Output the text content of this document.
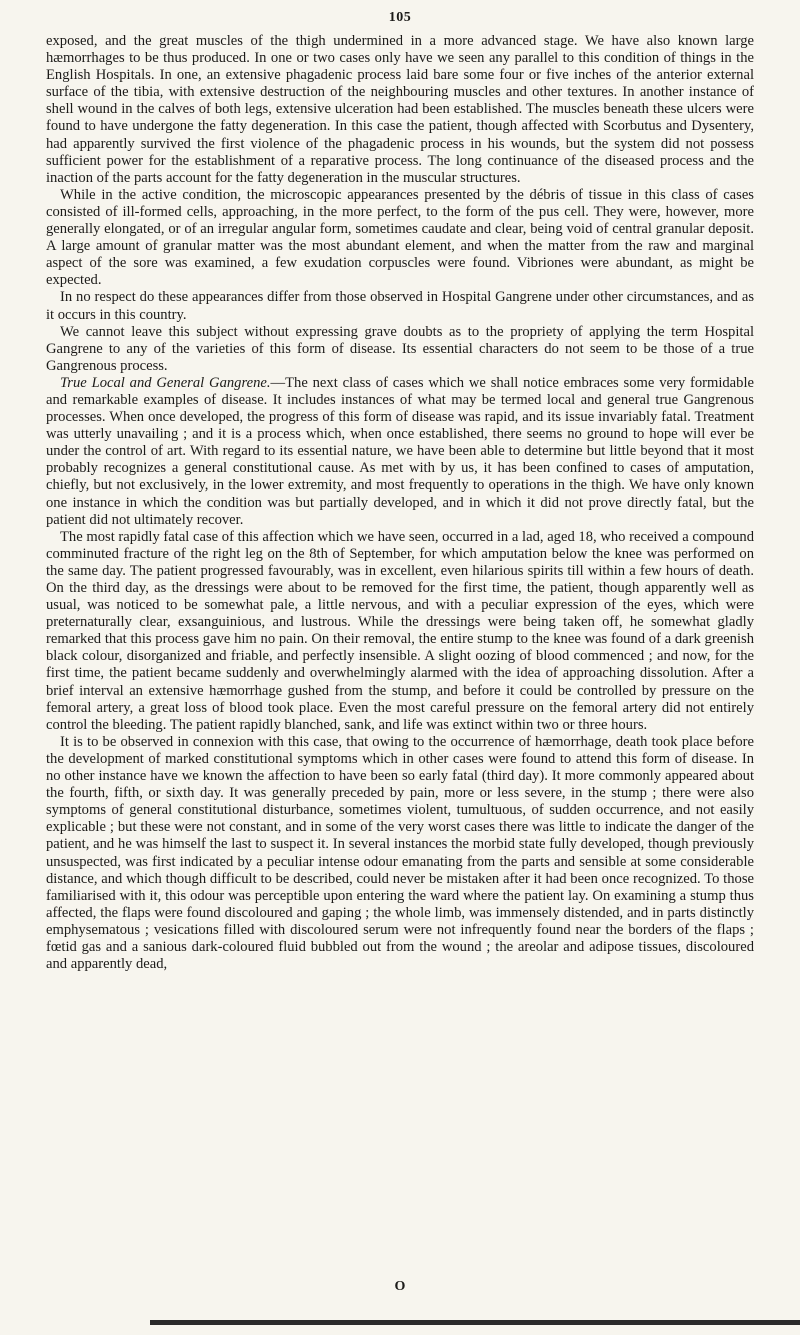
105

exposed, and the great muscles of the thigh undermined in a more advanced stage. We have also known large hæmorrhages to be thus produced. In one or two cases only have we seen any parallel to this condition of things in the English Hospitals. In one, an extensive phagadenic process laid bare some four or five inches of the anterior external surface of the tibia, with extensive destruction of the neighbouring muscles and other textures. In another instance of shell wound in the calves of both legs, extensive ulceration had been established. The muscles beneath these ulcers were found to have undergone the fatty degeneration. In this case the patient, though affected with Scorbutus and Dysentery, had apparently survived the first violence of the phagadenic process in his wounds, but the system did not possess sufficient power for the establishment of a reparative process. The long continuance of the diseased process and the inaction of the parts account for the fatty degeneration in the muscular structures.

While in the active condition, the microscopic appearances presented by the débris of tissue in this class of cases consisted of ill-formed cells, approaching, in the more perfect, to the form of the pus cell. They were, however, more generally elongated, or of an irregular angular form, sometimes caudate and clear, being void of central granular deposit. A large amount of granular matter was the most abundant element, and when the matter from the raw and marginal aspect of the sore was examined, a few exudation corpuscles were found. Vibriones were abundant, as might be expected.

In no respect do these appearances differ from those observed in Hospital Gangrene under other circumstances, and as it occurs in this country.

We cannot leave this subject without expressing grave doubts as to the propriety of applying the term Hospital Gangrene to any of the varieties of this form of disease. Its essential characters do not seem to be those of a true Gangrenous process.

True Local and General Gangrene.—The next class of cases which we shall notice embraces some very formidable and remarkable examples of disease. It includes instances of what may be termed local and general true Gangrenous processes. When once developed, the progress of this form of disease was rapid, and its issue invariably fatal. Treatment was utterly unavailing ; and it is a process which, when once established, there seems no ground to hope will ever be under the control of art. With regard to its essential nature, we have been able to determine but little beyond that it most probably recognizes a general constitutional cause. As met with by us, it has been confined to cases of amputation, chiefly, but not exclusively, in the lower extremity, and most frequently to operations in the thigh. We have only known one instance in which the condition was but partially developed, and in which it did not prove directly fatal, but the patient did not ultimately recover.

The most rapidly fatal case of this affection which we have seen, occurred in a lad, aged 18, who received a compound comminuted fracture of the right leg on the 8th of September, for which amputation below the knee was performed on the same day. The patient progressed favourably, was in excellent, even hilarious spirits till within a few hours of death. On the third day, as the dressings were about to be removed for the first time, the patient, though apparently well as usual, was noticed to be somewhat pale, a little nervous, and with a peculiar expression of the eyes, which were preternaturally clear, exsanguinious, and lustrous. While the dressings were being taken off, he somewhat gladly remarked that this process gave him no pain. On their removal, the entire stump to the knee was found of a dark greenish black colour, disorganized and friable, and perfectly insensible. A slight oozing of blood commenced ; and now, for the first time, the patient became suddenly and overwhelmingly alarmed with the idea of approaching dissolution. After a brief interval an extensive hæmorrhage gushed from the stump, and before it could be controlled by pressure on the femoral artery, a great loss of blood took place. Even the most careful pressure on the femoral artery did not entirely control the bleeding. The patient rapidly blanched, sank, and life was extinct within two or three hours.

It is to be observed in connexion with this case, that owing to the occurrence of hæmorrhage, death took place before the development of marked constitutional symptoms which in other cases were found to attend this form of disease. In no other instance have we known the affection to have been so early fatal (third day). It more commonly appeared about the fourth, fifth, or sixth day. It was generally preceded by pain, more or less severe, in the stump ; there were also symptoms of general constitutional disturbance, sometimes violent, tumultuous, of sudden occurrence, and not easily explicable ; but these were not constant, and in some of the very worst cases there was little to indicate the danger of the patient, and he was himself the last to suspect it. In several instances the morbid state fully developed, though previously unsuspected, was first indicated by a peculiar intense odour emanating from the parts and sensible at some considerable distance, and which though difficult to be described, could never be mistaken after it had been once recognized. To those familiarised with it, this odour was perceptible upon entering the ward where the patient lay. On examining a stump thus affected, the flaps were found discoloured and gaping ; the whole limb, was immensely distended, and in parts distinctly emphysematous ; vesications filled with discoloured serum were not infrequently found near the borders of the flaps ; fœtid gas and a sanious dark-coloured fluid bubbled out from the wound ; the areolar and adipose tissues, discoloured and apparently dead,

O
